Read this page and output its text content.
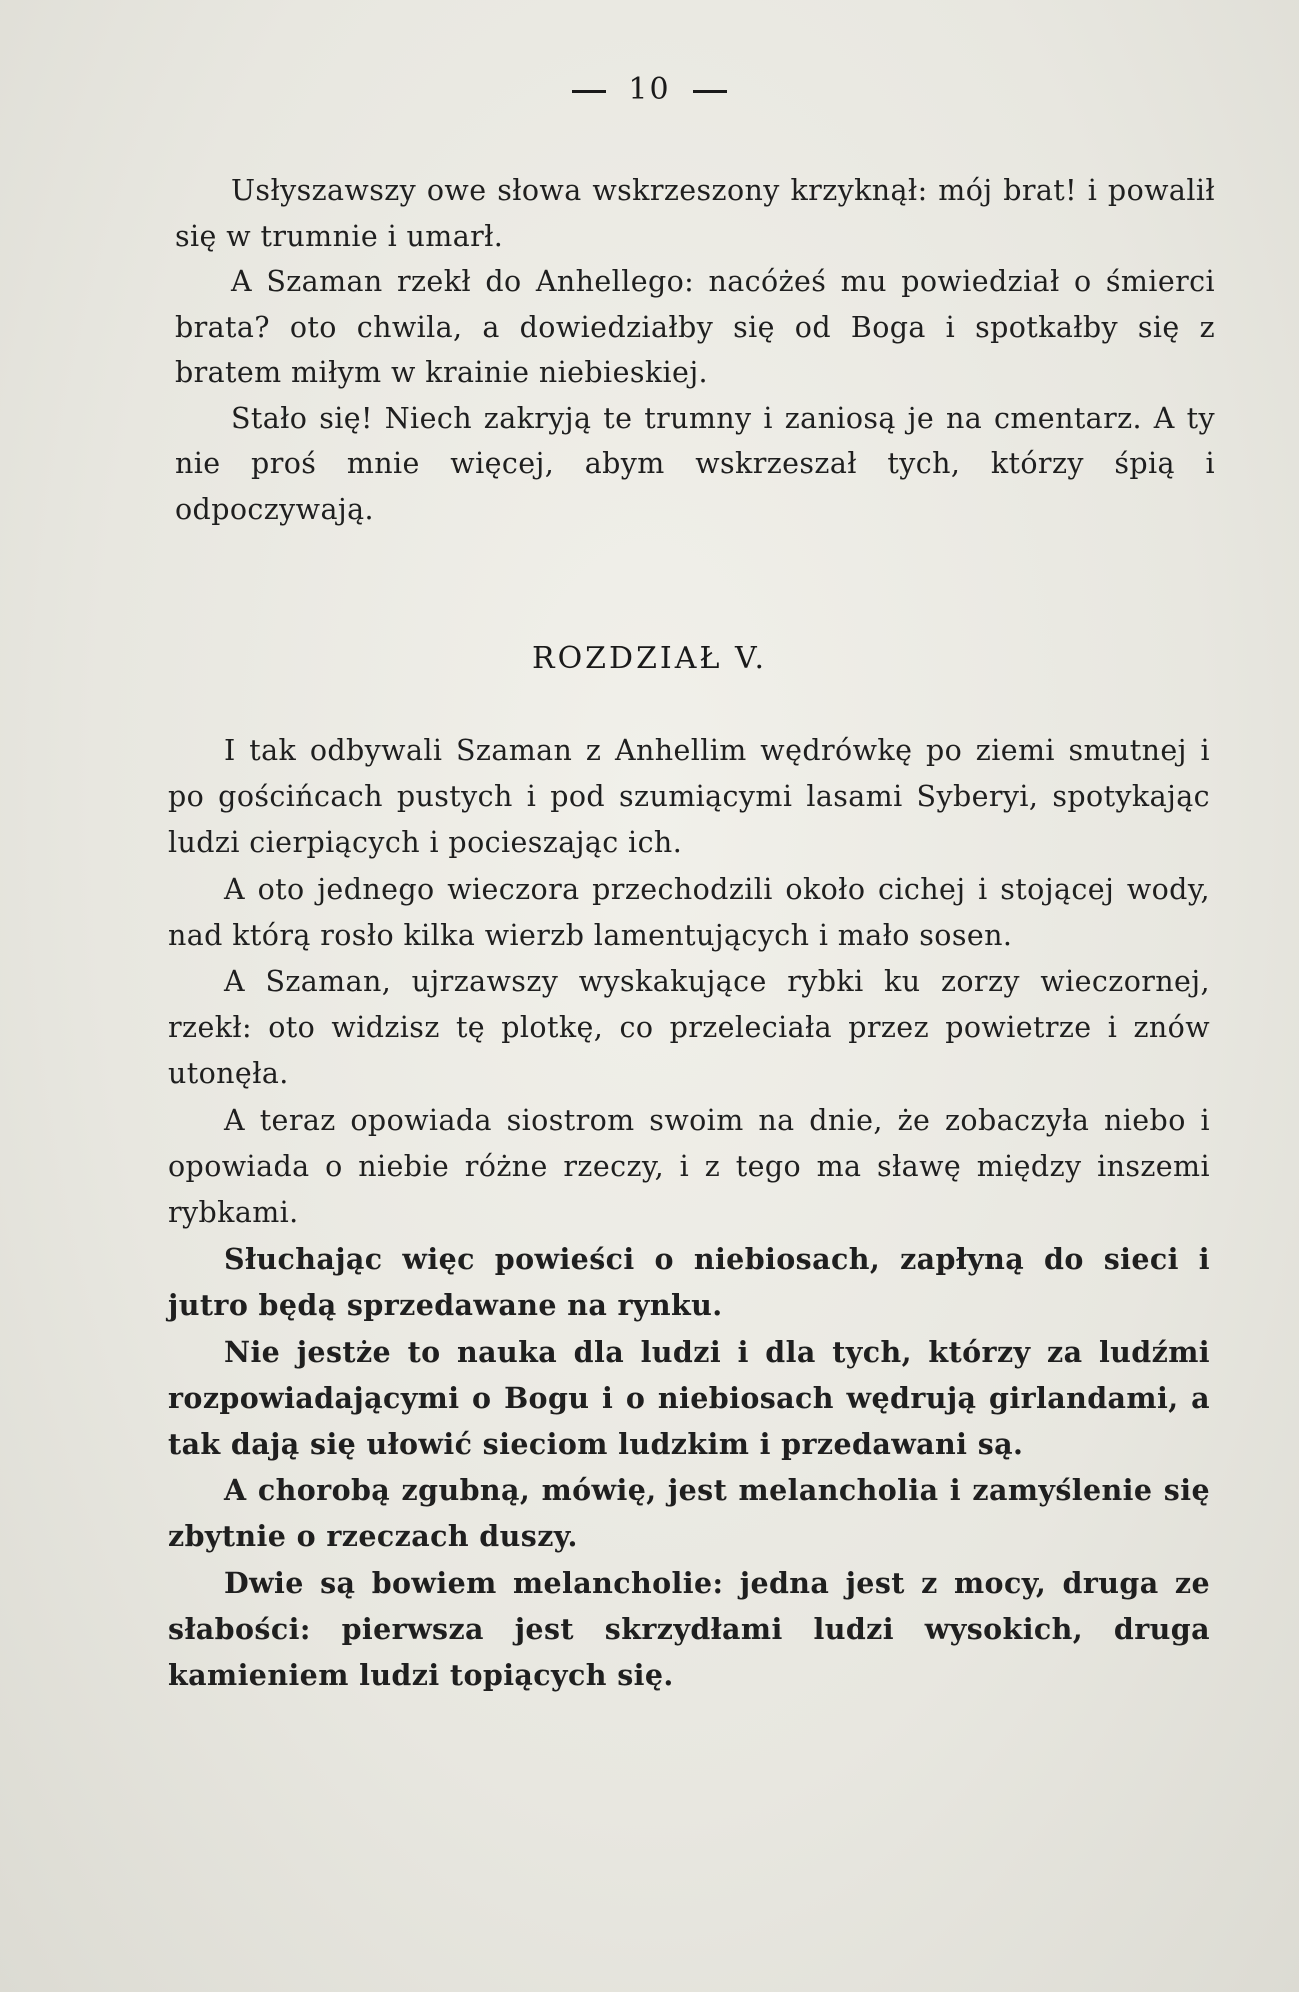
10

Usłyszawszy owe słowa wskrzeszony krzyknął: mój brat! i powalił się w trumnie i umarł.

A Szaman rzekł do Anhellego: nacóżeś mu powiedział o śmierci brata? oto chwila, a dowiedziałby się od Boga i spotkałby się z bratem miłym w krainie niebieskiej.

Stało się! Niech zakryją te trumny i zaniosą je na cmentarz. A ty nie proś mnie więcej, abym wskrzeszał tych, którzy śpią i odpoczywają.

ROZDZIAŁ V.

I tak odbywali Szaman z Anhellim wędrówkę po ziemi smutnej i po gościńcach pustych i pod szumiącymi lasami Syberyi, spotykając ludzi cierpiących i pocieszając ich.

A oto jednego wieczora przechodzili około cichej i stojącej wody, nad którą rosło kilka wierzb lamentujących i mało sosen.

A Szaman, ujrzawszy wyskakujące rybki ku zorzy wieczornej, rzekł: oto widzisz tę plotkę, co przeleciała przez powietrze i znów utonęła.

A teraz opowiada siostrom swoim na dnie, że zobaczyła niebo i opowiada o niebie różne rzeczy, i z tego ma sławę między inszemi rybkami.

Słuchając więc powieści o niebiosach, zapłyną do sieci i jutro będą sprzedawane na rynku.

Nie jestże to nauka dla ludzi i dla tych, którzy za ludźmi rozpowiadającymi o Bogu i o niebiosach wędrują girlandami, a tak dają się ułowić sieciom ludzkim i przedawani są.

A chorobą zgubną, mówię, jest melancholia i zamyślenie się zbytnie o rzeczach duszy.

Dwie są bowiem melancholie: jedna jest z mocy, druga ze słabości: pierwsza jest skrzydłami ludzi wysokich, druga kamieniem ludzi topiących się.
